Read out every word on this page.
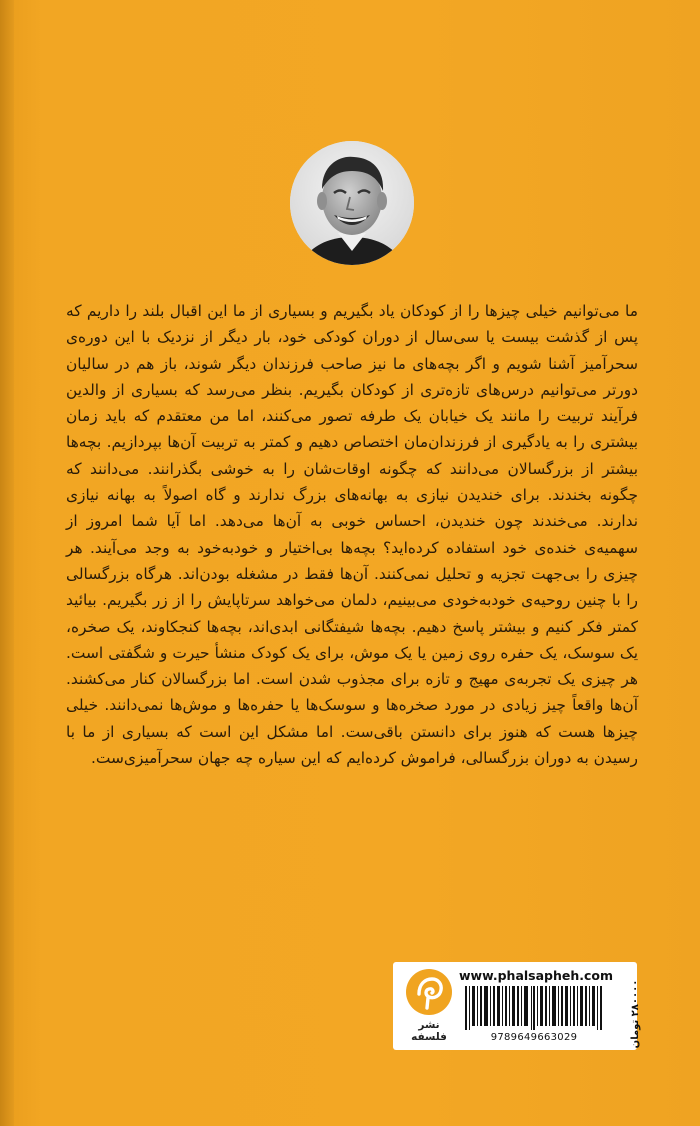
ما می‌توانیم خیلی چیزها را از کودکان یاد بگیریم و بسیاری از ما این اقبال بلند را داریم که پس از گذشت بیست یا سی‌سال از دوران کودکی خود، بار دیگر از نزدیک با این دوره‌ی سحرآمیز آشنا شویم و اگر بچه‌های ما نیز صاحب فرزندان دیگر شوند، باز هم در سالیان دورتر می‌توانیم درس‌های تازه‌تری از کودکان بگیریم. بنظر می‌رسد که بسیاری از والدین فرآیند تربیت را مانند یک خیابان یک طرفه تصور می‌کنند، اما من معتقدم که باید زمان بیشتری را به یادگیری از فرزندان‌مان اختصاص دهیم و کمتر به تربیت آن‌ها بپردازیم. بچه‌ها بیشتر از بزرگسالان می‌دانند که چگونه اوقات‌شان را به خوشی بگذرانند. می‌دانند که چگونه بخندند. برای خندیدن نیازی به بهانه‌های بزرگ ندارند و گاه اصولاً به بهانه نیازی ندارند. می‌خندند چون خندیدن، احساس خوبی به آن‌ها می‌دهد. اما آیا شما امروز از سهمیه‌ی خنده‌ی خود استفاده کرده‌اید؟ بچه‌ها بی‌اختیار و خودبه‌خود به وجد می‌آیند. هر چیزی را بی‌جهت تجزیه و تحلیل نمی‌کنند. آن‌ها فقط در مشغله بودن‌اند. هرگاه بزرگسالی را با چنین روحیه‌ی خودبه‌خودی می‌بینیم، دلمان می‌خواهد سرتاپایش را از زر بگیریم. بیائید کمتر فکر کنیم و بیشتر پاسخ دهیم. بچه‌ها شیفتگانی ابدی‌اند، بچه‌ها کنجکاوند، یک صخره، یک سوسک، یک حفره روی زمین یا یک موش، برای یک کودک منشأ حیرت و شگفتی است. هر چیزی یک تجربه‌ی مهیج و تازه برای مجذوب شدن است. اما بزرگسالان کنار می‌کشند. آن‌ها واقعاً چیز زیادی در مورد صخره‌ها و سوسک‌ها یا حفره‌ها و موش‌ها نمی‌دانند. خیلی چیزها هست که هنوز برای دانستن باقی‌ست. اما مشکل این است که بسیاری از ما با رسیدن به دوران بزرگسالی، فراموش کرده‌ایم که این سیاره چه جهان سحرآمیزی‌ست.

نشر فلسفه
www.phalsapheh.com
9789649663029	۲۸۰۰۰۰ تومان
